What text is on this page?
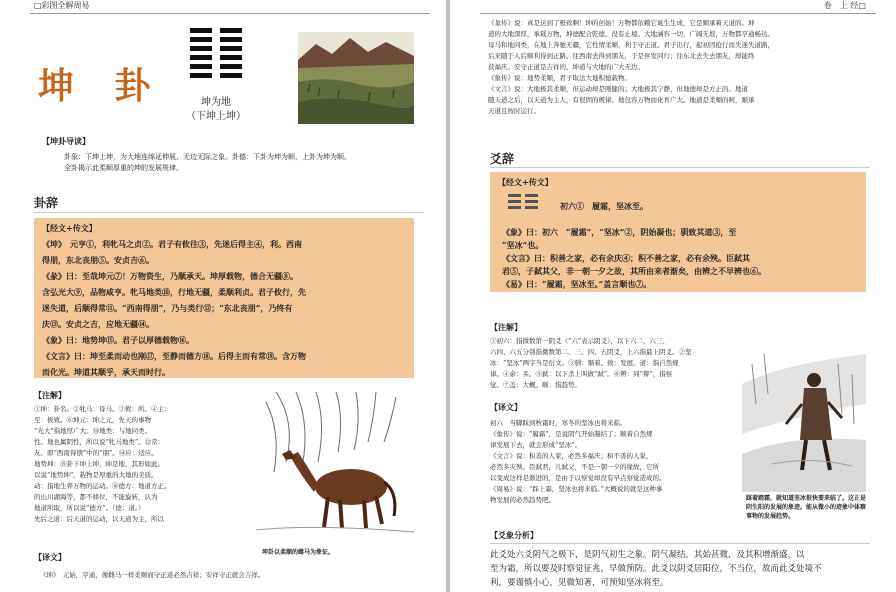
□彩图全解周易
坤 卦	坤为地
（下坤上坤）
【坤卦导读】
卦象：下坤上坤，为大地连绵延伸展、无边无际之象。卦德：下卦为坤为顺，上卦为坤为顺。
全卦揭示此柔顺厚重的坤的发展规律。
卦辞
【经文+传文】
《坤》　元亨①，利牝马之贞②。君子有攸往③，先迷后得主④，利。西南
得朋，东北丧朋⑤。安贞吉⑥。
《彖》曰：至哉坤元⑦！万物资生，乃顺承天。坤厚载物，德合无疆⑧。
含弘光大⑨，品物咸亨。牝马地类⑩，行地无疆，柔顺利贞。君子攸行，先
迷失道，后顺得常⑪。“西南得朋”，乃与类行⑫；“东北丧朋”，乃终有
庆⑬。安贞之吉，应地无疆⑭。
《象》曰：地势坤⑮。君子以厚德载物⑯。
《文言》曰：坤至柔而动也刚⑰，至静而德方⑱。后得主而有常⑲。含万物
而化光。坤道其顺乎，承天而时行。
【注解】
①坤：卦名。②牝马：母马。③攸：所。④主：
至：极致。⑥坤元：坤之元，先天的事物
“光大”指地厚广大。⑩地类：与地同类。
性。地也属阴性，所以说“牝马地类”。⑫常：
友。即“西南得朋”中的“朋”。⑭应：适应。
地势坤：⑮卦下坤上坤，坤是地，其形如此。
以说“地势坤”，载物是厚重的大地的美质。
动：指地生养万物的运动。⑯德方：地道方正。
的山川湖海等，都不移位，不能旋转，认为
地道所取，所以说“德方”。（德：道。）
先后之道：后天道的运动，以天道为主，所以
坤卦以柔顺的雌马为象征。
【译文】
《坤》　元始，亨通，像雌马一样柔顺而守正道必然吉祥；安祥守正就会吉祥。
卷　上 经□
《彖传》说：真是达到了极致啊！坤的创始！万物都依赖它诞生生成，它是顺承着天道的。坤
道的大地深厚，承载万物，坤德配合乾德，没有止境。大地涵容一切，广阔无垠，万物都亨通畅达。
母马和地同类，在地上奔驰无疆，它性情柔顺，利于守正道。君子出行，起初因抢行而失迷失道路，
后来随于人后顺利得到正路。往西南去得到朋友，于是伴发同行；往东北去失去朋友，却能终
获福庆。安守正道是吉祥的，坤道与大地的广大无边。
《象传》说：地势柔顺，君子取法大地积德载物。
《文言》说：大地极其柔顺，但运动却是刚健的；大地极其宁静，但地德却是方正的。地道
随天道之后，以天道为主人，有很固的规律。地包容万物而化育广大。地道是柔顺的呵，顺承
天道且按时运行。
爻辞
【经文+传文】
初六①　履霜，坚冰至。
《象》曰：初六　“履霜”，“坚冰”②，阴始凝也；驯致其道③，至
“坚冰”也。
《文言》曰：积善之家，必有余庆④；积不善之家，必有余殃。臣弑其
君⑤，子弑其父，非一朝一夕之故，其所由来者渐矣，由辨之不早辨也⑥。
《易》曰：“履霜，坚冰至。”盖言顺也⑦。
【注解】
①初六：指微数第一阴爻（“六”表示阴爻），以下六二、六三、
六四、六五分别指微数第二、三、四、五阴爻，上六指最上阴爻。②坚
冰：“坚冰”两字当是衍文。③驯：顺着。致：发展。道：指自然规
律。④余：多。⑤弑：以下杀上叫做“弑”。⑥辨：同“辩”，指察
觉。⑦盖：大概。顺：指趋势。
【译文】
初六　当脚踩到秋霜时，寒冬的坚冰也将来临。
《象传》说：“履霜”，是说阴气开始凝结了；顺着自然规
律发展下去，就会形成“坚冰”。
《文言》说：积善的人家，必然多福庆；积不善的人家，
必然多灾殃。臣弑君，儿弑父，不是一朝一夕的缘故，它所
以变成这样是渐进的，是由于以察觉却没有早点察觉造成的。
《周易》说：“踩上霜，坚冰也将来临。”大概说的就是这种事
物发展的必然趋势吧。	踩着踏霜，就知道坚冰很快要来临了。这正是阴生阳的发展的象迹。能从微小的迹象中体察事物的发展趋势。
【爻象分析】
此爻处六爻阴气之极下，是阴气初生之象。阴气凝结，其始甚微，及其积增渐盛，以
至为霜，所以要及时察觉征兆，早做预防。此爻以阴爻居阳位，不当位，故而此爻处境不
利，要谨慎小心，见微知著，可预知坚冰将至。
